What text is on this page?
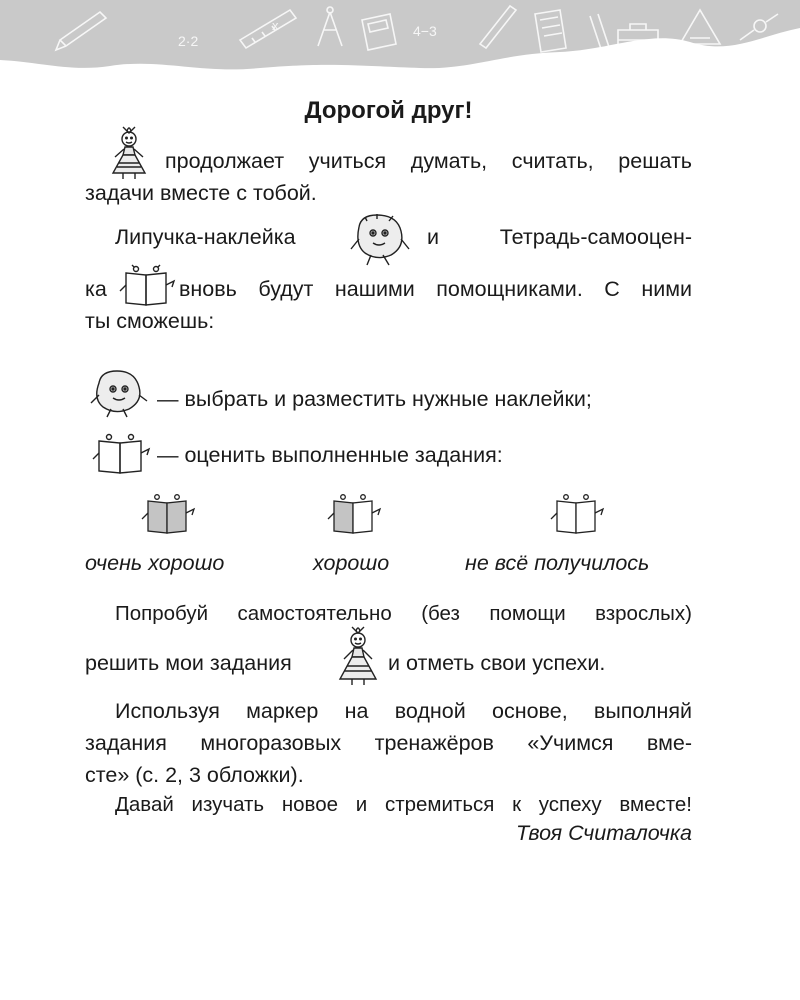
2·2
x	4−3
1+6
Дорогой друг!
продолжает учиться думать, считать, решать
задачи вместе с тобой.
Липучка-наклейка	и	Тетрадь-самооцен-
ка	вновь будут нашими помощниками. С ними
ты сможешь:
— выбрать и разместить нужные наклейки;
— оценить выполненные задания:
очень хорошо	хорошо	не всё получилось
Попробуй самостоятельно (без помощи взрослых)
решить мои задания	и отметь свои успехи.
Используя маркер на водной основе, выполняй
задания многоразовых тренажёров «Учимся вме-
сте» (с. 2, 3 обложки).
Давай изучать новое и стремиться к успеху вместе!
Твоя Считалочка
